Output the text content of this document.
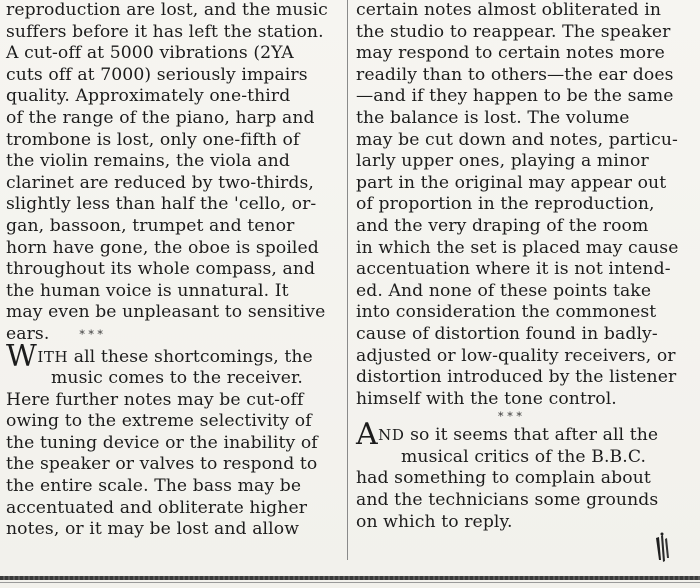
reproduction are lost, and the music
suffers before it has left the station.
A cut-off at 5000 vibrations (2YA
cuts off at 7000) seriously impairs
quality. Approximately one-third
of the range of the piano, harp and
trombone is lost, only one-fifth of
the violin remains, the viola and
clarinet are reduced by two-thirds,
slightly less than half the 'cello, or-
gan, bassoon, trumpet and tenor
horn have gone, the oboe is spoiled
throughout its whole compass, and
the human voice is unnatural. It
may even be unpleasant to sensitive
ears.	* * *
WITH all these shortcomings, the
music comes to the receiver.
Here further notes may be cut-off
owing to the extreme selectivity of
the tuning device or the inability of
the speaker or valves to respond to
the entire scale. The bass may be
accentuated and obliterate higher
notes, or it may be lost and allow
certain notes almost obliterated in
the studio to reappear. The speaker
may respond to certain notes more
readily than to others—the ear does
—and if they happen to be the same
the balance is lost. The volume
may be cut down and notes, particu-
larly upper ones, playing a minor
part in the original may appear out
of proportion in the reproduction,
and the very draping of the room
in which the set is placed may cause
accentuation where it is not intend-
ed. And none of these points take
into consideration the commonest
cause of distortion found in badly-
adjusted or low-quality receivers, or
distortion introduced by the listener
himself with the tone control.
* * *
AND so it seems that after all the
musical critics of the B.B.C.
had something to complain about
and the technicians some grounds
on which to reply.
